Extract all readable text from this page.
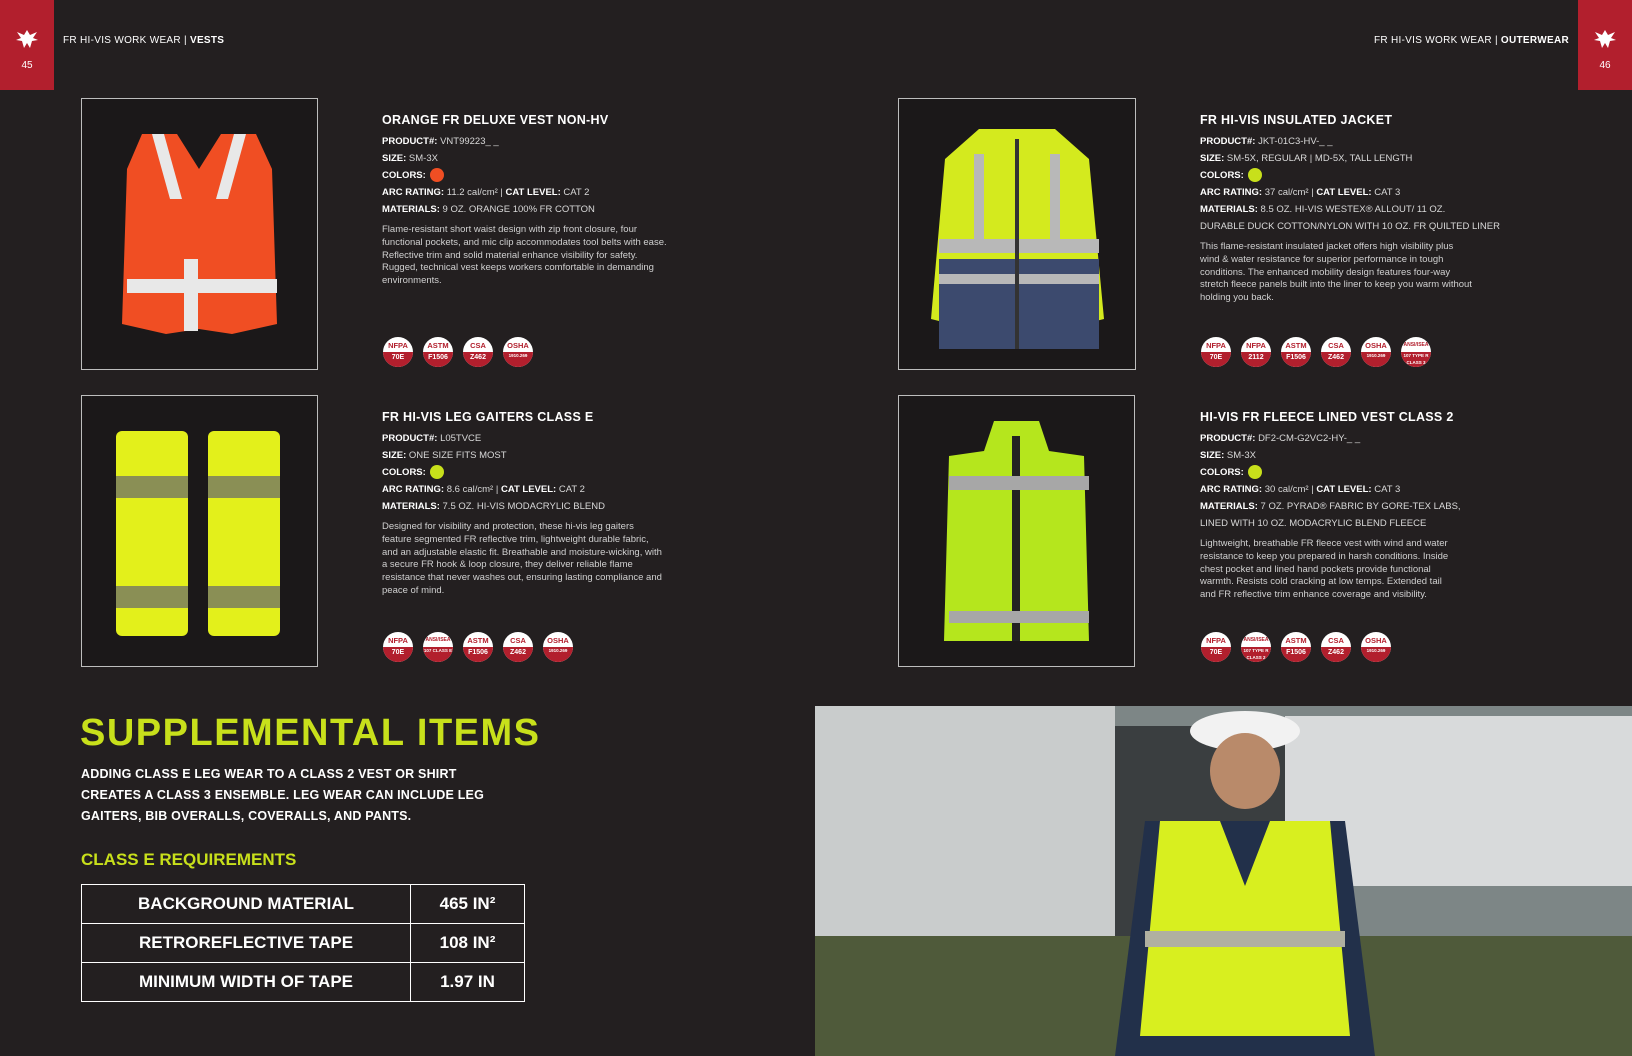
45	46
FR HI-VIS WORK WEAR | VESTS	FR HI-VIS WORK WEAR | OUTERWEAR
ORANGE FR DELUXE VEST NON-HV
PRODUCT#: VNT99223_ _
SIZE: SM-3X
COLORS:
ARC RATING: 11.2 cal/cm² | CAT LEVEL: CAT 2
MATERIALS: 9 OZ. ORANGE 100% FR COTTON
Flame-resistant short waist design with zip front closure, four functional pockets, and mic clip accommodates tool belts with ease. Reflective trim and solid material enhance visibility for safety. Rugged, technical vest keeps workers comfortable in demanding environments.
FR HI-VIS INSULATED JACKET
PRODUCT#: JKT-01C3-HV-_ _
SIZE: SM-5X, REGULAR | MD-5X, TALL LENGTH
COLORS:
ARC RATING: 37 cal/cm² | CAT LEVEL: CAT 3
MATERIALS: 8.5 OZ. HI-VIS WESTEX® ALLOUT/ 11 OZ.
DURABLE DUCK COTTON/NYLON WITH 10 OZ. FR QUILTED LINER
This flame-resistant insulated jacket offers high visibility plus wind & water resistance for superior performance in tough conditions. The enhanced mobility design features four-way stretch fleece panels built into the liner to keep you warm without holding you back.
FR HI-VIS LEG GAITERS CLASS E
PRODUCT#: L05TVCE
SIZE: ONE SIZE FITS MOST
COLORS:
ARC RATING: 8.6 cal/cm² | CAT LEVEL: CAT 2
MATERIALS: 7.5 OZ. HI-VIS MODACRYLIC BLEND
Designed for visibility and protection, these hi-vis leg gaiters feature segmented FR reflective trim, lightweight durable fabric, and an adjustable elastic fit. Breathable and moisture-wicking, with a secure FR hook & loop closure, they deliver reliable flame resistance that never washes out, ensuring lasting compliance and peace of mind.
HI-VIS FR FLEECE LINED VEST CLASS 2
PRODUCT#: DF2-CM-G2VC2-HY-_ _
SIZE: SM-3X
COLORS:
ARC RATING: 30 cal/cm² | CAT LEVEL: CAT 3
MATERIALS: 7 OZ. PYRAD® FABRIC BY GORE-TEX LABS,
LINED WITH 10 OZ. MODACRYLIC BLEND FLEECE
Lightweight, breathable FR fleece vest with wind and water resistance to keep you prepared in harsh conditions. Inside chest pocket and lined hand pockets provide functional warmth. Resists cold cracking at low temps. Extended tail and FR reflective trim enhance coverage and visibility.
NFPA
70E
ASTM
F1506
CSA
Z462
OSHA
1910.269
NFPA
70E
NFPA
2112
ASTM
F1506
CSA
Z462
OSHA
1910.269
ANSI/ISEA
107 TYPE R CLASS 3
NFPA
70E
ANSI/ISEA
107 CLASS E
ASTM
F1506
CSA
Z462
OSHA
1910.269
NFPA
70E
ANSI/ISEA
107 TYPE R CLASS 2
ASTM
F1506
CSA
Z462
OSHA
1910.269
SUPPLEMENTAL ITEMS
ADDING CLASS E LEG WEAR TO A CLASS 2 VEST OR SHIRT CREATES A CLASS 3 ENSEMBLE. LEG WEAR CAN INCLUDE LEG GAITERS, BIB OVERALLS, COVERALLS, AND PANTS.
CLASS E REQUIREMENTS
BACKGROUND MATERIAL	465 IN²
RETROREFLECTIVE TAPE	108 IN²
MINIMUM WIDTH OF TAPE	1.97 IN
